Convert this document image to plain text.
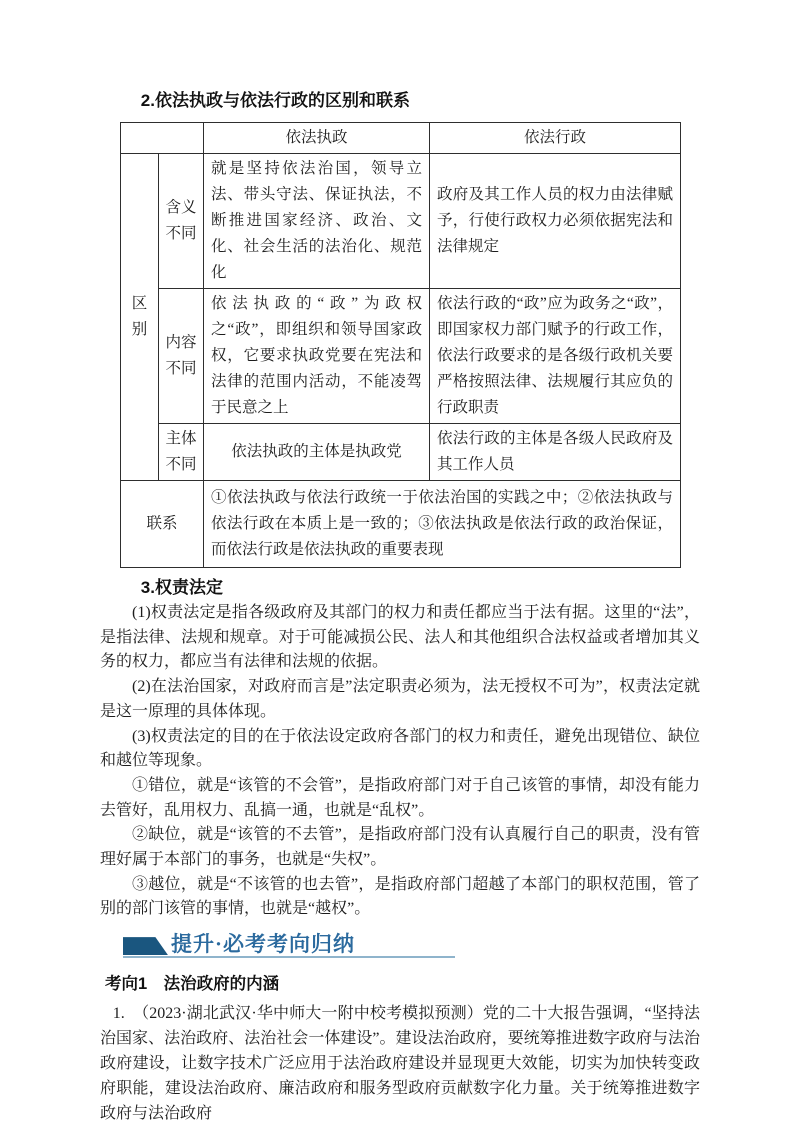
2.依法执政与依法行政的区别和联系

		依法执政	依法行政
区别	含义不同	就是坚持依法治国，领导立法、带头守法、保证执法，不断推进国家经济、政治、文化、社会生活的法治化、规范化	政府及其工作人员的权力由法律赋予，行使行政权力必须依据宪法和法律规定
	内容不同	依法执政的“政”为政权之“政”，即组织和领导国家政权，它要求执政党要在宪法和法律的范围内活动，不能凌驾于民意之上	依法行政的“政”应为政务之“政”，即国家权力部门赋予的行政工作，依法行政要求的是各级行政机关要严格按照法律、法规履行其应负的行政职责
	主体不同	依法执政的主体是执政党	依法行政的主体是各级人民政府及其工作人员
联系		①依法执政与依法行政统一于依法治国的实践之中；②依法执政与依法行政在本质上是一致的；③依法执政是依法行政的政治保证，而依法行政是依法执政的重要表现	

3.权责法定

(1)权责法定是指各级政府及其部门的权力和责任都应当于法有据。这里的“法”，是指法律、法规和规章。对于可能减损公民、法人和其他组织合法权益或者增加其义务的权力，都应当有法律和法规的依据。

(2)在法治国家，对政府而言是”法定职责必须为，法无授权不可为”，权责法定就是这一原理的具体体现。

(3)权责法定的目的在于依法设定政府各部门的权力和责任，避免出现错位、缺位和越位等现象。

①错位，就是“该管的不会管”，是指政府部门对于自己该管的事情，却没有能力去管好，乱用权力、乱搞一通，也就是“乱权”。

②缺位，就是“该管的不去管”，是指政府部门没有认真履行自己的职责，没有管理好属于本部门的事务，也就是“失权”。

③越位，就是“不该管的也去管”，是指政府部门超越了本部门的职权范围，管了别的部门该管的事情，也就是“越权”。

提升·必考考向归纳

考向1　法治政府的内涵

1.　（2023·湖北武汉·华中师大一附中校考模拟预测）党的二十大报告强调，“坚持法治国家、法治政府、法治社会一体建设”。建设法治政府，要统筹推进数字政府与法治政府建设，让数字技术广泛应用于法治政府建设并显现更大效能，切实为加快转变政府职能，建设法治政府、廉洁政府和服务型政府贡献数字化力量。关于统筹推进数字政府与法治政府
